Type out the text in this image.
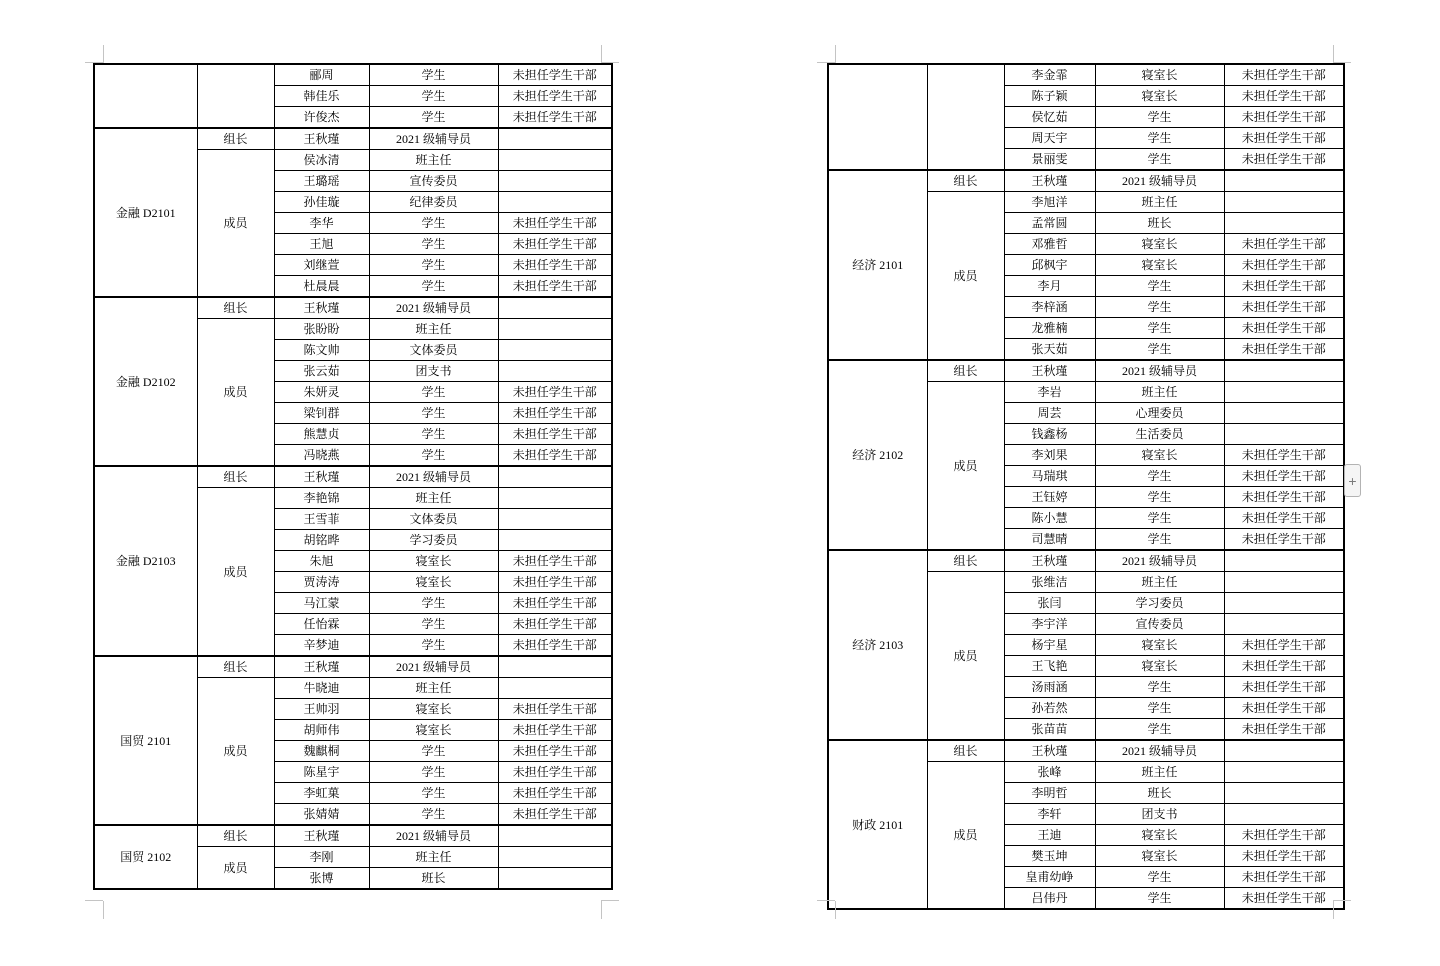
		郦周	学生	未担任学生干部
		韩佳乐	学生	未担任学生干部
		许俊杰	学生	未担任学生干部
金融 D2101	组长	王秋瑾	2021 级辅导员	
	成员	侯冰清	班主任	
		王璐瑶	宣传委员	
		孙佳璇	纪律委员	
		李华	学生	未担任学生干部
		王旭	学生	未担任学生干部
		刘继萱	学生	未担任学生干部
		杜晨晨	学生	未担任学生干部
金融 D2102	组长	王秋瑾	2021 级辅导员	
	成员	张盼盼	班主任	
		陈文帅	文体委员	
		张云茹	团支书	
		朱妍灵	学生	未担任学生干部
		梁钊群	学生	未担任学生干部
		熊慧贞	学生	未担任学生干部
		冯晓燕	学生	未担任学生干部
金融 D2103	组长	王秋瑾	2021 级辅导员	
	成员	李艳锦	班主任	
		王雪菲	文体委员	
		胡铭晔	学习委员	
		朱旭	寝室长	未担任学生干部
		贾涛涛	寝室长	未担任学生干部
		马江蒙	学生	未担任学生干部
		任怡霖	学生	未担任学生干部
		辛梦迪	学生	未担任学生干部
国贸 2101	组长	王秋瑾	2021 级辅导员	
	成员	牛晓迪	班主任	
		王帅羽	寝室长	未担任学生干部
		胡师伟	寝室长	未担任学生干部
		魏麒桐	学生	未担任学生干部
		陈星宇	学生	未担任学生干部
		李虹菓	学生	未担任学生干部
		张婧婧	学生	未担任学生干部
国贸 2102	组长	王秋瑾	2021 级辅导员	
	成员	李刚	班主任	
		张博	班长	
		李金霏	寝室长	未担任学生干部
		陈子颖	寝室长	未担任学生干部
		侯忆茹	学生	未担任学生干部
		周天宇	学生	未担任学生干部
		景丽雯	学生	未担任学生干部
经济 2101	组长	王秋瑾	2021 级辅导员	
	成员	李旭洋	班主任	
		孟常圆	班长	
		邓雅哲	寝室长	未担任学生干部
		邱枫宇	寝室长	未担任学生干部
		李月	学生	未担任学生干部
		李梓涵	学生	未担任学生干部
		龙雅楠	学生	未担任学生干部
		张天茹	学生	未担任学生干部
经济 2102	组长	王秋瑾	2021 级辅导员	
	成员	李岩	班主任	
		周芸	心理委员	
		钱鑫杨	生活委员	
		李刘果	寝室长	未担任学生干部
		马瑞琪	学生	未担任学生干部
		王钰婷	学生	未担任学生干部
		陈小慧	学生	未担任学生干部
		司慧晴	学生	未担任学生干部
经济 2103	组长	王秋瑾	2021 级辅导员	
	成员	张维洁	班主任	
		张闫	学习委员	
		李宇洋	宣传委员	
		杨宇星	寝室长	未担任学生干部
		王飞艳	寝室长	未担任学生干部
		汤雨涵	学生	未担任学生干部
		孙若然	学生	未担任学生干部
		张苗苗	学生	未担任学生干部
财政 2101	组长	王秋瑾	2021 级辅导员	
	成员	张峰	班主任	
		李明哲	班长	
		李轩	团支书	
		王迪	寝室长	未担任学生干部
		樊玉坤	寝室长	未担任学生干部
		皇甫幼峥	学生	未担任学生干部
		吕伟丹	学生	未担任学生干部
+
